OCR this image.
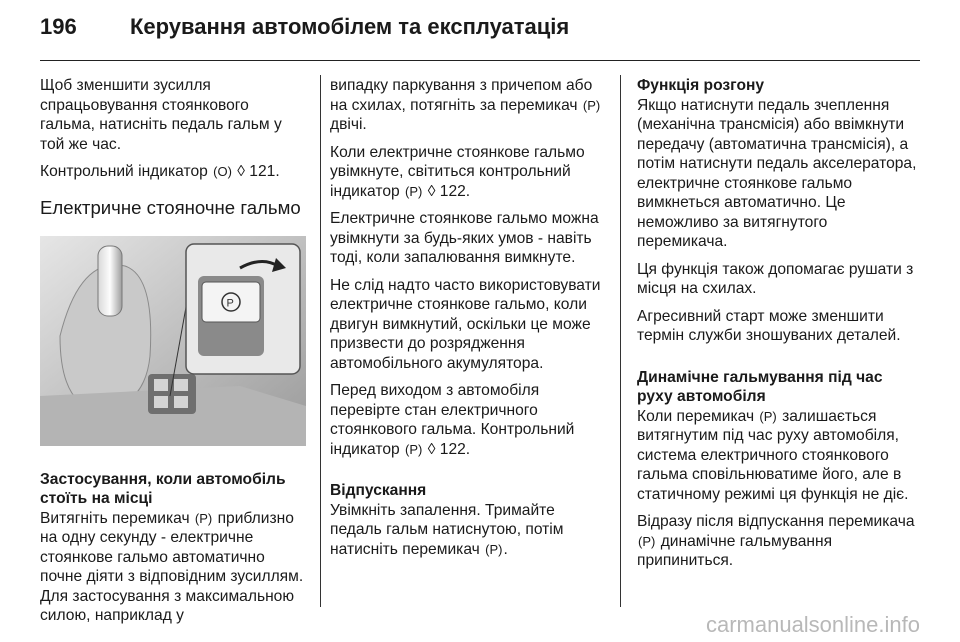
196 Керування автомобілем та експлуатація

Щоб зменшити зусилля спрацьовування стоянкового гальма, натисніть педаль гальм у той же час.

Контрольний індикатор (O) ◊ 121.

Електричне стояночне гальмо
P

Застосування, коли автомобіль стоїть на місці

Витягніть перемикач (P) приблизно на одну секунду - електричне стоянкове гальмо автоматично почне діяти з відповідним зусиллям. Для застосування з максимальною силою, наприклад у

випадку паркування з причепом або на схилах, потягніть за перемикач (P) двічі.

Коли електричне стоянкове гальмо увімкнуте, світиться контрольний індикатор (P) ◊ 122.

Електричне стоянкове гальмо можна увімкнути за будь-яких умов - навіть тоді, коли запалювання вимкнуте.

Не слід надто часто використовувати електричне стоянкове гальмо, коли двигун вимкнутий, оскільки це може призвести до розрядження автомобільного акумулятора.

Перед виходом з автомобіля перевірте стан електричного стоянкового гальма. Контрольний індикатор (P) ◊ 122.

Відпускання

Увімкніть запалення. Тримайте педаль гальм натиснутою, потім натисніть перемикач (P).

Функція розгону

Якщо натиснути педаль зчеплення (механічна трансмісія) або ввімкнути передачу (автоматична трансмісія), а потім натиснути педаль акселератора, електричне стоянкове гальмо вимкнеться автоматично. Це неможливо за витягнутого перемикача.

Ця функція також допомагає рушати з місця на схилах.

Агресивний старт може зменшити термін служби зношуваних деталей.

Динамічне гальмування під час руху автомобіля

Коли перемикач (P) залишається витягнутим під час руху автомобіля, система електричного стоянкового гальма сповільнюватиме його, але в статичному режимі ця функція не діє.

Відразу після відпускання перемикача (P) динамічне гальмування припиниться.

carmanualsonline.info
